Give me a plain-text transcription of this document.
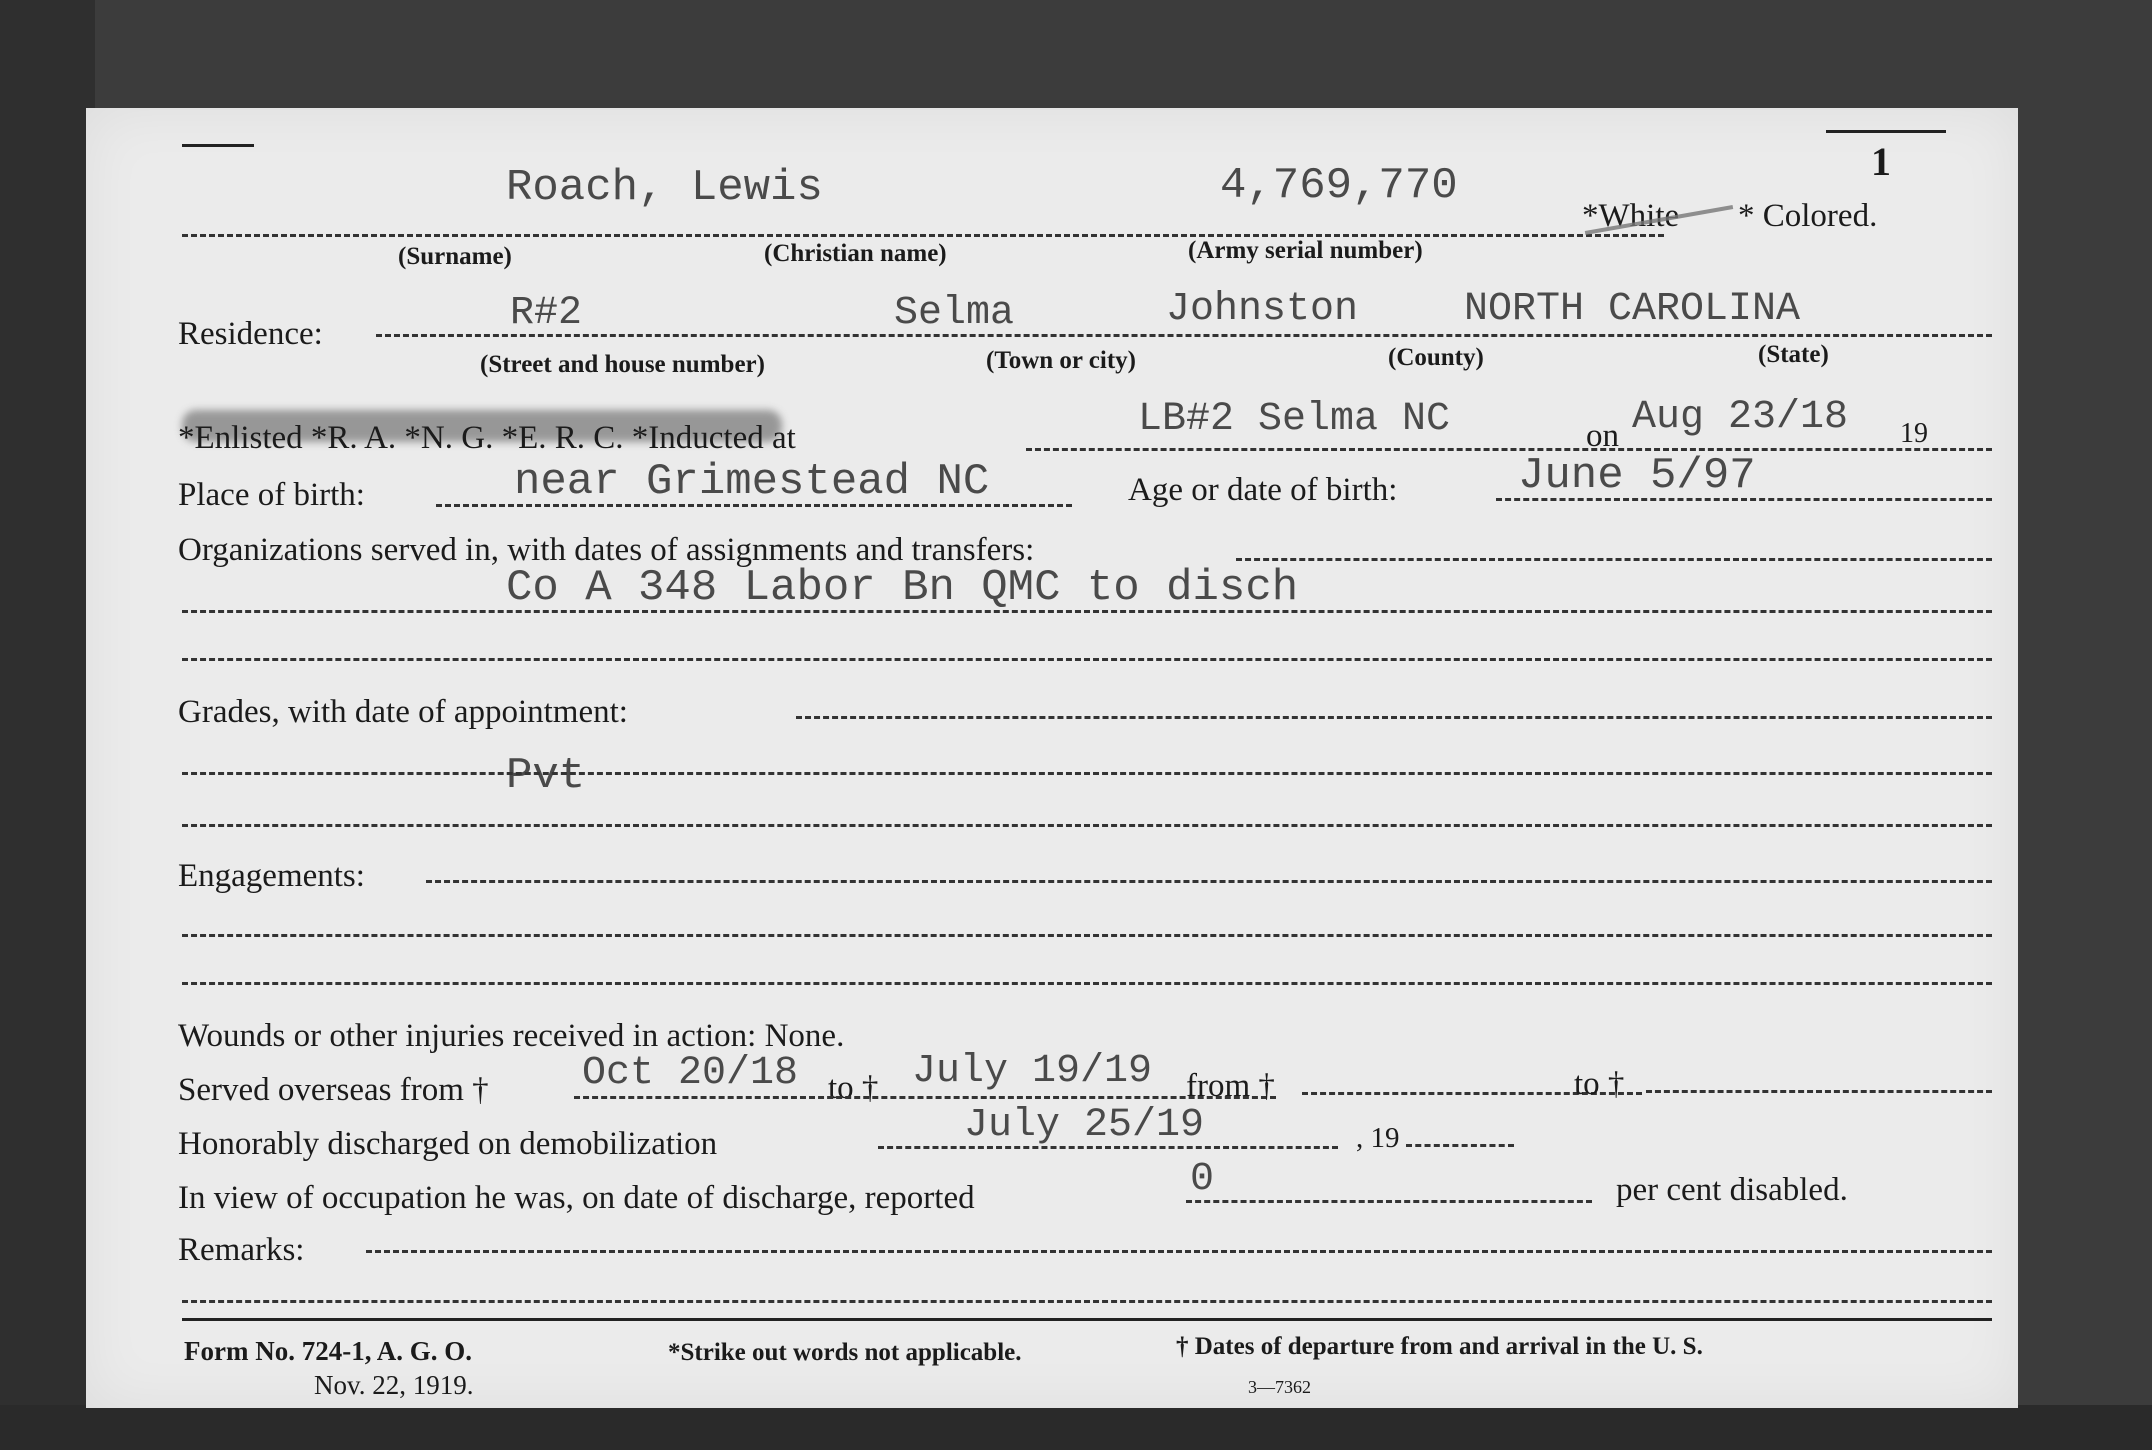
1
Roach, Lewis	4,769,770
*White * Colored.
(Surname)	(Christian name)	(Army serial number)
Residence:	R#2	Selma	Johnston	NORTH CAROLINA
(Street and house number)	(Town or city)	(County)	(State)
*Enlisted *R. A. *N. G. *E. R. C. *Inducted at	LB#2 Selma NC	on Aug 23/18 19
Place of birth:	near Grimestead NC	Age or date of birth:	June 5/97
Organizations served in, with dates of assignments and transfers:
Co A 348 Labor Bn QMC to disch
Grades, with date of appointment:
Pvt
Engagements:
Wounds or other injuries received in action: None.
Served overseas from † Oct 20/18 to † July 19/19 from †	to †
Honorably discharged on demobilization	July 25/19	, 19
In view of occupation he was, on date of discharge, reported	0	per cent disabled.
Remarks:
Form No. 724-1, A. G. O.
Nov. 22, 1919.
*Strike out words not applicable.	† Dates of departure from and arrival in the U. S.
3—7362
